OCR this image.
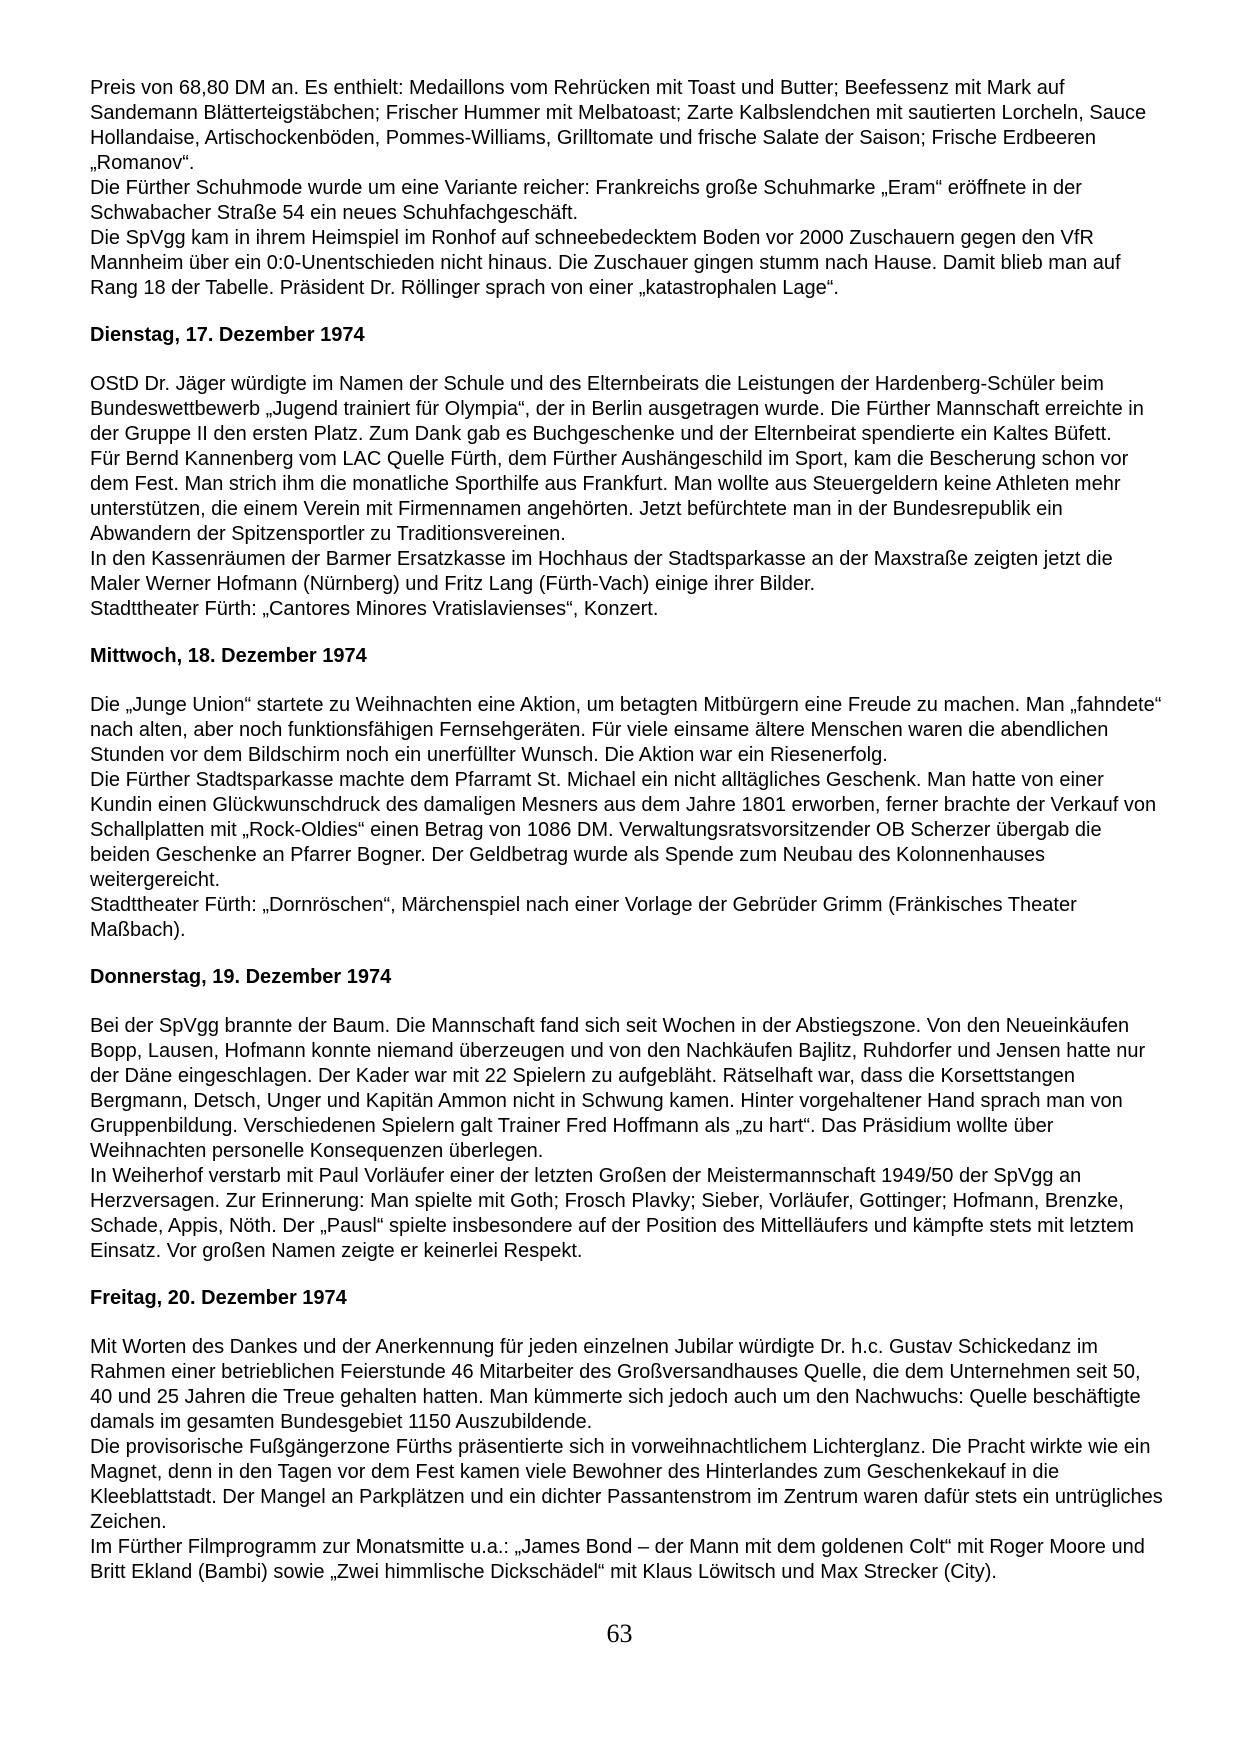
Preis von 68,80 DM an. Es enthielt: Medaillons vom Rehrücken mit Toast und Butter; Beefessenz mit Mark auf Sandemann Blätterteigstäbchen; Frischer Hummer mit Melbatoast; Zarte Kalbslendchen mit sautierten Lorcheln, Sauce Hollandaise, Artischockenböden, Pommes-Williams, Grilltomate und frische Salate der Saison; Frische Erdbeeren „Romanov“.

Die Fürther Schuhmode wurde um eine Variante reicher: Frankreichs große Schuhmarke „Eram“ eröffnete in der Schwabacher Straße 54 ein neues Schuhfachgeschäft.

Die SpVgg kam in ihrem Heimspiel im Ronhof auf schneebedecktem Boden vor 2000 Zuschauern gegen den VfR Mannheim über ein 0:0-Unentschieden nicht hinaus. Die Zuschauer gingen stumm nach Hause. Damit blieb man auf Rang 18 der Tabelle. Präsident Dr. Röllinger sprach von einer „katastrophalen Lage“.

Dienstag, 17. Dezember 1974

OStD Dr. Jäger würdigte im Namen der Schule und des Elternbeirats die Leistungen der Hardenberg-Schüler beim Bundeswettbewerb „Jugend trainiert für Olympia“, der in Berlin ausgetragen wurde. Die Fürther Mannschaft erreichte in der Gruppe II den ersten Platz. Zum Dank gab es Buchgeschenke und der Elternbeirat spendierte ein Kaltes Büfett.

Für Bernd Kannenberg vom LAC Quelle Fürth, dem Fürther Aushängeschild im Sport, kam die Bescherung schon vor dem Fest. Man strich ihm die monatliche Sporthilfe aus Frankfurt. Man wollte aus Steuergeldern keine Athleten mehr unterstützen, die einem Verein mit Firmennamen angehörten. Jetzt befürchtete man in der Bundesrepublik ein Abwandern der Spitzensportler zu Traditionsvereinen.

In den Kassenräumen der Barmer Ersatzkasse im Hochhaus der Stadtsparkasse an der Maxstraße zeigten jetzt die Maler Werner Hofmann (Nürnberg) und Fritz Lang (Fürth-Vach) einige ihrer Bilder.

Stadttheater Fürth: „Cantores Minores Vratislavienses“, Konzert.

Mittwoch, 18. Dezember 1974

Die „Junge Union“ startete zu Weihnachten eine Aktion, um betagten Mitbürgern eine Freude zu machen. Man „fahndete“ nach alten, aber noch funktionsfähigen Fernsehgeräten. Für viele einsame ältere Menschen waren die abendlichen Stunden vor dem Bildschirm noch ein unerfüllter Wunsch. Die Aktion war ein Riesenerfolg.

Die Fürther Stadtsparkasse machte dem Pfarramt St. Michael ein nicht alltägliches Geschenk. Man hatte von einer Kundin einen Glückwunschdruck des damaligen Mesners aus dem Jahre 1801 erworben, ferner brachte der Verkauf von Schallplatten mit „Rock-Oldies“ einen Betrag von 1086 DM. Verwaltungsratsvorsitzender OB Scherzer übergab die beiden Geschenke an Pfarrer Bogner. Der Geldbetrag wurde als Spende zum Neubau des Kolonnenhauses weitergereicht.

Stadttheater Fürth: „Dornröschen“, Märchenspiel nach einer Vorlage der Gebrüder Grimm (Fränkisches Theater Maßbach).

Donnerstag, 19. Dezember 1974

Bei der SpVgg brannte der Baum. Die Mannschaft fand sich seit Wochen in der Abstiegszone. Von den Neueinkäufen Bopp, Lausen, Hofmann konnte niemand überzeugen und von den Nachkäufen Bajlitz, Ruhdorfer und Jensen hatte nur der Däne eingeschlagen. Der Kader war mit 22 Spielern zu aufgebläht. Rätselhaft war, dass die Korsettstangen Bergmann, Detsch, Unger und Kapitän Ammon nicht in Schwung kamen. Hinter vorgehaltener Hand sprach man von Gruppenbildung. Verschiedenen Spielern galt Trainer Fred Hoffmann als „zu hart“. Das Präsidium wollte über Weihnachten personelle Konsequenzen überlegen.

In Weiherhof verstarb mit Paul Vorläufer einer der letzten Großen der Meistermannschaft 1949/50 der SpVgg an Herzversagen. Zur Erinnerung: Man spielte mit Goth; Frosch Plavky; Sieber, Vorläufer, Gottinger; Hofmann, Brenzke, Schade, Appis, Nöth. Der „Pausl“ spielte insbesondere auf der Position des Mittelläufers und kämpfte stets mit letztem Einsatz. Vor großen Namen zeigte er keinerlei Respekt.

Freitag, 20. Dezember 1974

Mit Worten des Dankes und der Anerkennung für jeden einzelnen Jubilar würdigte Dr. h.c. Gustav Schickedanz im Rahmen einer betrieblichen Feierstunde 46 Mitarbeiter des Großversandhauses Quelle, die dem Unternehmen seit 50, 40 und 25 Jahren die Treue gehalten hatten. Man kümmerte sich jedoch auch um den Nachwuchs: Quelle beschäftigte damals im gesamten Bundesgebiet 1150 Auszubildende.

Die provisorische Fußgängerzone Fürths präsentierte sich in vorweihnachtlichem Lichterglanz. Die Pracht wirkte wie ein Magnet, denn in den Tagen vor dem Fest kamen viele Bewohner des Hinterlandes zum Geschenkekauf in die Kleeblattstadt. Der Mangel an Parkplätzen und ein dichter Passantenstrom im Zentrum waren dafür stets ein untrügliches Zeichen.

Im Fürther Filmprogramm zur Monatsmitte u.a.: „James Bond – der Mann mit dem goldenen Colt“ mit Roger Moore und Britt Ekland (Bambi) sowie „Zwei himmlische Dickschädel“ mit Klaus Löwitsch und Max Strecker (City).

63
